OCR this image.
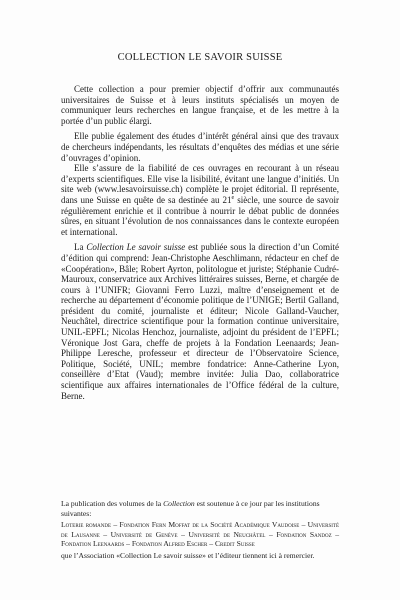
COLLECTION LE SAVOIR SUISSE

Cette collection a pour premier objectif d’offrir aux communautés universitaires de Suisse et à leurs instituts spécialisés un moyen de communiquer leurs recherches en langue française, et de les mettre à la portée d’un public élargi.

Elle publie également des études d’intérêt général ainsi que des travaux de chercheurs indépendants, les résultats d’enquêtes des médias et une série d’ouvrages d’opinion.

Elle s’assure de la fiabilité de ces ouvrages en recourant à un réseau d’experts scientifiques. Elle vise la lisibilité, évitant une langue d’initiés. Un site web (www.lesavoirsuisse.ch) complète le projet éditorial. Il représente, dans une Suisse en quête de sa destinée au 21e siècle, une source de savoir régulièrement enrichie et il contribue à nourrir le débat public de données sûres, en situant l’évolution de nos connaissances dans le contexte européen et international.

La Collection Le savoir suisse est publiée sous la direction d’un Comité d’édition qui comprend: Jean-Christophe Aeschlimann, rédacteur en chef de «Coopération», Bâle; Robert Ayrton, politologue et juriste; Stéphanie Cudré-Mauroux, conservatrice aux Archives littéraires suisses, Berne, et chargée de cours à l’UNIFR; Giovanni Ferro Luzzi, maître d’enseignement et de recherche au département d’économie politique de l’UNIGE; Bertil Galland, président du comité, journaliste et éditeur; Nicole Galland-Vaucher, Neuchâtel, directrice scientifique pour la formation continue universitaire, UNIL-EPFL; Nicolas Henchoz, journaliste, adjoint du président de l’EPFL; Véronique Jost Gara, cheffe de projets à la Fondation Leenaards; Jean-Philippe Leresche, professeur et directeur de l’Observatoire Science, Politique, Société, UNIL; membre fondatrice: Anne-Catherine Lyon, conseillère d’Etat (Vaud); membre invitée: Julia Dao, collaboratrice scientifique aux affaires internationales de l’Office fédéral de la culture, Berne.

La publication des volumes de la Collection est soutenue à ce jour par les institutions suivantes:

Loterie romande – Fondation Fern Moffat de la Société Académique Vaudoise – Université de Lausanne – Université de Genève – Université de Neuchâtel – Fondation Sandoz – Fondation Leenaards – Fondation Alfred Escher – Credit Suisse

que l’Association «Collection Le savoir suisse» et l’éditeur tiennent ici à remercier.
